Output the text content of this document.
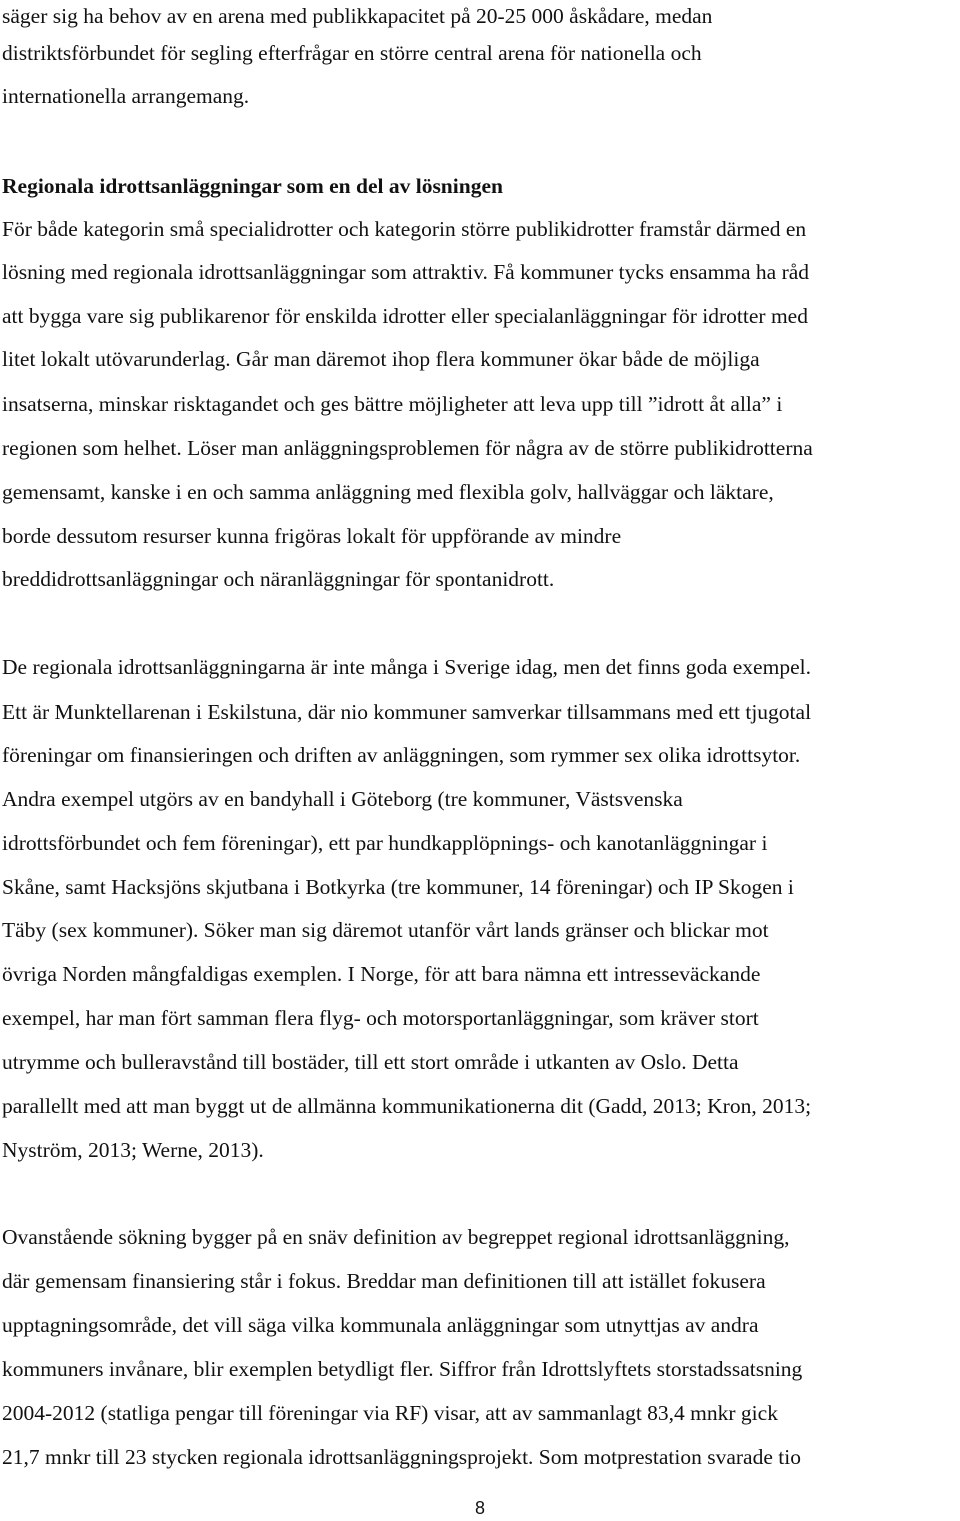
säger sig ha behov av en arena med publikkapacitet på 20-25 000 åskådare, medan

distriktsförbundet för segling efterfrågar en större central arena för nationella och

internationella arrangemang.

Regionala idrottsanläggningar som en del av lösningen

För både kategorin små specialidrotter och kategorin större publikidrotter framstår därmed en

lösning med regionala idrottsanläggningar som attraktiv. Få kommuner tycks ensamma ha råd

att bygga vare sig publikarenor för enskilda idrotter eller specialanläggningar för idrotter med

litet lokalt utövarunderlag. Går man däremot ihop flera kommuner ökar både de möjliga

insatserna, minskar risktagandet och ges bättre möjligheter att leva upp till ”idrott åt alla” i

regionen som helhet. Löser man anläggningsproblemen för några av de större publikidrotterna

gemensamt, kanske i en och samma anläggning med flexibla golv, hallväggar och läktare,

borde dessutom resurser kunna frigöras lokalt för uppförande av mindre

breddidrottsanläggningar och näranläggningar för spontanidrott.

De regionala idrottsanläggningarna är inte många i Sverige idag, men det finns goda exempel.

Ett är Munktellarenan i Eskilstuna, där nio kommuner samverkar tillsammans med ett tjugotal

föreningar om finansieringen och driften av anläggningen, som rymmer sex olika idrottsytor.

Andra exempel utgörs av en bandyhall i Göteborg (tre kommuner, Västsvenska

idrottsförbundet och fem föreningar), ett par hundkapplöpnings- och kanotanläggningar i

Skåne, samt Hacksjöns skjutbana i Botkyrka (tre kommuner, 14 föreningar) och IP Skogen i

Täby (sex kommuner). Söker man sig däremot utanför vårt lands gränser och blickar mot

övriga Norden mångfaldigas exemplen. I Norge, för att bara nämna ett intresseväckande

exempel, har man fört samman flera flyg- och motorsportanläggningar, som kräver stort

utrymme och bulleravstånd till bostäder, till ett stort område i utkanten av Oslo. Detta

parallellt med att man byggt ut de allmänna kommunikationerna dit (Gadd, 2013; Kron, 2013;

Nyström, 2013; Werne, 2013).

Ovanstående sökning bygger på en snäv definition av begreppet regional idrottsanläggning,

där gemensam finansiering står i fokus. Breddar man definitionen till att istället fokusera

upptagningsområde, det vill säga vilka kommunala anläggningar som utnyttjas av andra

kommuners invånare, blir exemplen betydligt fler. Siffror från Idrottslyftets storstadssatsning

2004-2012 (statliga pengar till föreningar via RF) visar, att av sammanlagt 83,4 mnkr gick

21,7 mnkr till 23 stycken regionala idrottsanläggningsprojekt. Som motprestation svarade tio

8
